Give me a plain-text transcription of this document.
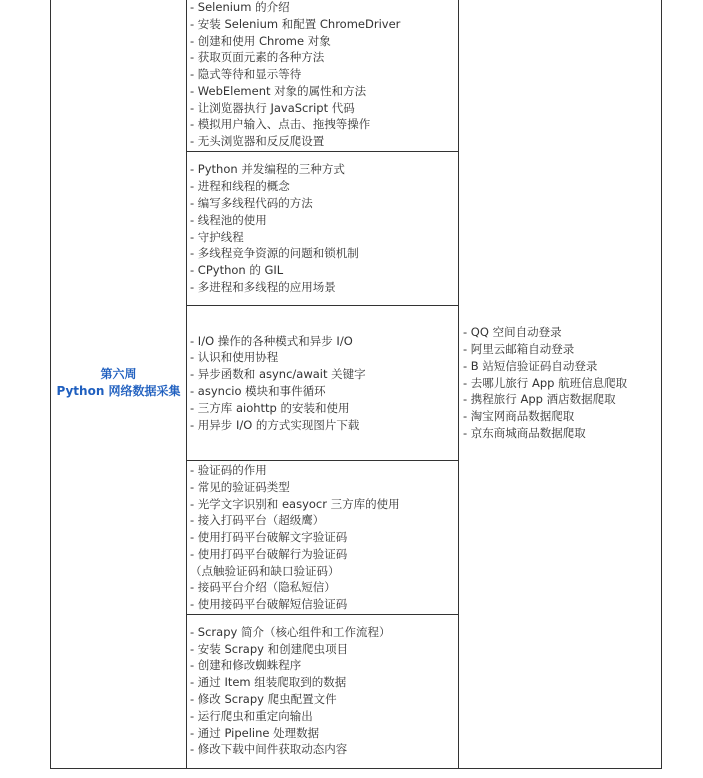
第六周
Python 网络数据采集
- Selenium 的介绍
- 安装 Selenium 和配置 ChromeDriver
- 创建和使用 Chrome 对象
- 获取页面元素的各种方法
- 隐式等待和显示等待
- WebElement 对象的属性和方法
- 让浏览器执行 JavaScript 代码
- 模拟用户输入、点击、拖拽等操作
- 无头浏览器和反反爬设置
- Python 并发编程的三种方式
- 进程和线程的概念
- 编写多线程代码的方法
- 线程池的使用
- 守护线程
- 多线程竞争资源的问题和锁机制
- CPython 的 GIL
- 多进程和多线程的应用场景
- I/O 操作的各种模式和异步 I/O
- 认识和使用协程
- 异步函数和 async/await 关键字
- asyncio 模块和事件循环
- 三方库 aiohttp 的安装和使用
- 用异步 I/O 的方式实现图片下载
- 验证码的作用
- 常见的验证码类型
- 光学文字识别和 easyocr 三方库的使用
- 接入打码平台（超级鹰）
- 使用打码平台破解文字验证码
- 使用打码平台破解行为验证码
（点触验证码和缺口验证码）
- 接码平台介绍（隐私短信）
- 使用接码平台破解短信验证码
- Scrapy 简介（核心组件和工作流程）
- 安装 Scrapy 和创建爬虫项目
- 创建和修改蜘蛛程序
- 通过 Item 组装爬取到的数据
- 修改 Scrapy 爬虫配置文件
- 运行爬虫和重定向输出
- 通过 Pipeline 处理数据
- 修改下载中间件获取动态内容
- QQ 空间自动登录
- 阿里云邮箱自动登录
- B 站短信验证码自动登录
- 去哪儿旅行 App 航班信息爬取
- 携程旅行 App 酒店数据爬取
- 淘宝网商品数据爬取
- 京东商城商品数据爬取
